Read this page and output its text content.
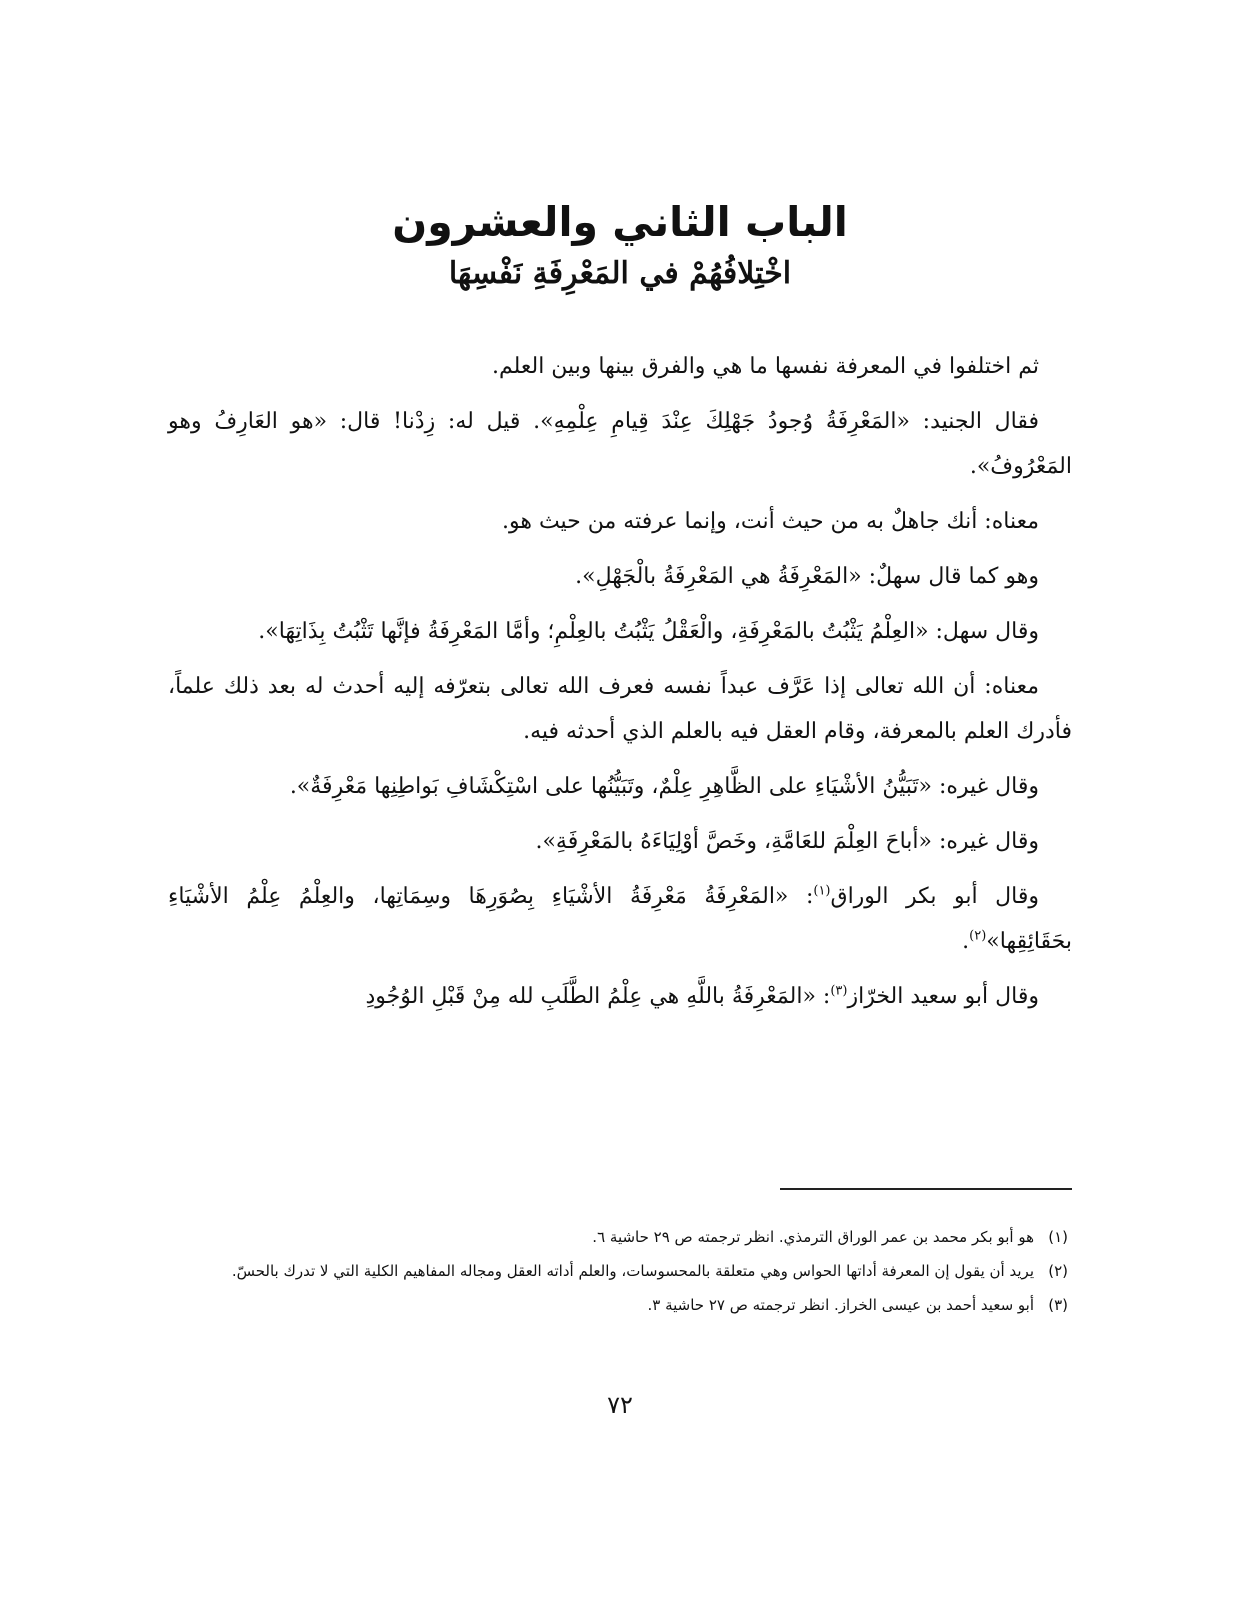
الباب الثاني والعشرون
اخْتِلافُهُمْ في المَعْرِفَةِ نَفْسِهَا

ثم اختلفوا في المعرفة نفسها ما هي والفرق بينها وبين العلم.

فقال الجنيد: «المَعْرِفَةُ وُجودُ جَهْلِكَ عِنْدَ قِيامِ عِلْمِهِ». قيل له: زِدْنا! قال: «هو العَارِفُ وهو المَعْرُوفُ».

معناه: أنك جاهلٌ به من حيث أنت، وإنما عرفته من حيث هو.

وهو كما قال سهلٌ: «المَعْرِفَةُ هي المَعْرِفَةُ بالْجَهْلِ».

وقال سهل: «العِلْمُ يَثْبُتُ بالمَعْرِفَةِ، والْعَقْلُ يَثْبُتُ بالعِلْمِ؛ وأمَّا المَعْرِفَةُ فإنَّها تَثْبُتُ بِذَاتِهَا».

معناه: أن الله تعالى إذا عَرَّف عبداً نفسه فعرف الله تعالى بتعرّفه إليه أحدث له بعد ذلك علماً، فأدرك العلم بالمعرفة، وقام العقل فيه بالعلم الذي أحدثه فيه.

وقال غيره: «تَبَيُّنُ الأشْيَاءِ على الظَّاهِرِ عِلْمٌ، وتَبَيُّنُها على اسْتِكْشَافِ بَواطِنِها مَعْرِفَةٌ».

وقال غيره: «أباحَ العِلْمَ للعَامَّةِ، وخَصَّ أوْلِيَاءَهُ بالمَعْرِفَةِ».

وقال أبو بكر الوراق$^{(١)}$: «المَعْرِفَةُ مَعْرِفَةُ الأشْيَاءِ بِصُوَرِهَا وسِمَاتِها، والعِلْمُ عِلْمُ الأشْيَاءِ بحَقَائِقِها»$^{(٢)}$.

وقال أبو سعيد الخرّاز$^{(٣)}$: «المَعْرِفَةُ باللَّهِ هي عِلْمُ الطَّلَبِ لله مِنْ قَبْلِ الوُجُودِ

(١)هو أبو بكر محمد بن عمر الوراق الترمذي. انظر ترجمته ص ٢٩ حاشية ٦.

(٢)يريد أن يقول إن المعرفة أداتها الحواس وهي متعلقة بالمحسوسات، والعلم أداته العقل ومجاله المفاهيم الكلية التي لا تدرك بالحسّ.

(٣)أبو سعيد أحمد بن عيسى الخراز. انظر ترجمته ص ٢٧ حاشية ٣.

٧٢
